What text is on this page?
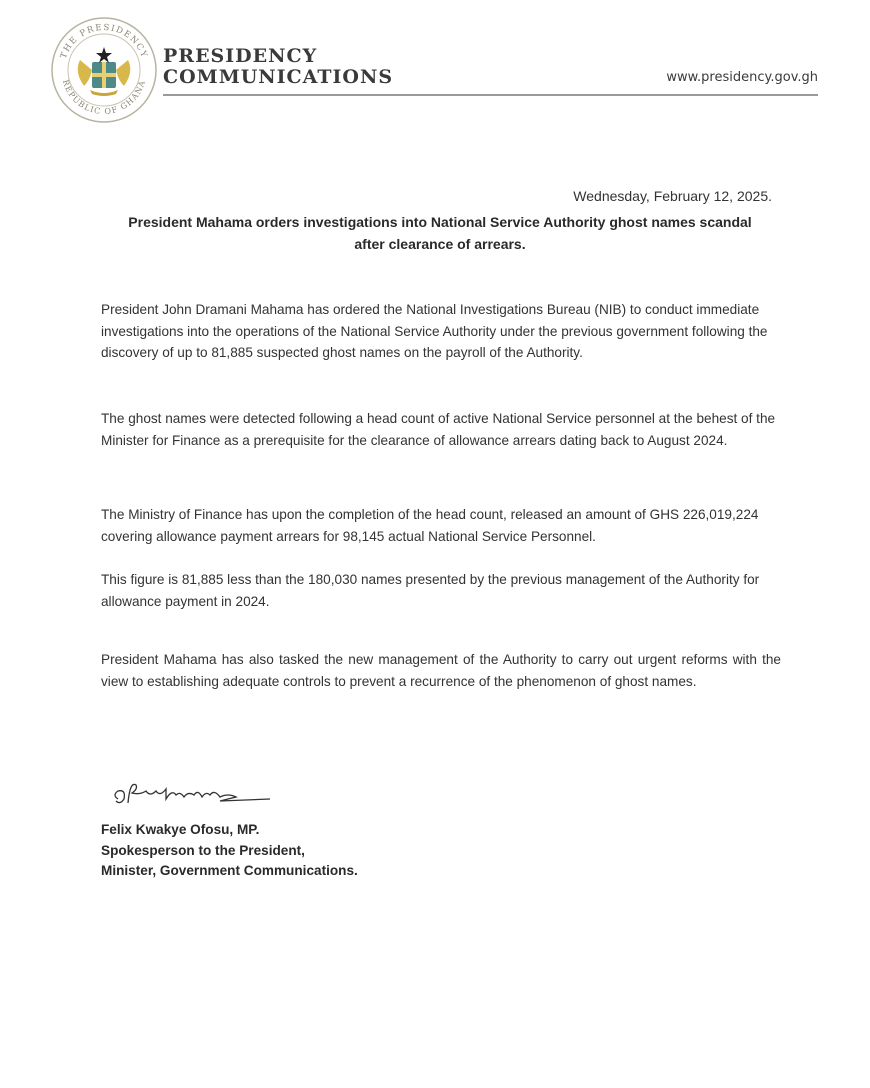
THE PRESIDENCY
REPUBLIC OF GHANA
PRESIDENCY
COMMUNICATIONS	www.presidency.gov.gh
Wednesday, February 12, 2025.
President Mahama orders investigations into National Service Authority ghost names scandal
after clearance of arrears.
President John Dramani Mahama has ordered the National Investigations Bureau (NIB) to conduct immediate investigations into the operations of the National Service Authority under the previous government following the discovery of up to 81,885 suspected ghost names on the payroll of the Authority.
The ghost names were detected following a head count of active National Service personnel at the behest of the Minister for Finance as a prerequisite for the clearance of allowance arrears dating back to August 2024.
The Ministry of Finance has upon the completion of the head count, released an amount of GHS 226,019,224 covering allowance payment arrears for 98,145 actual National Service Personnel.
This figure is 81,885 less than the 180,030 names presented by the previous management of the Authority for allowance payment in 2024.
President Mahama has also tasked the new management of the Authority to carry out urgent reforms with the view to establishing adequate controls to prevent a recurrence of the phenomenon of ghost names.
Felix Kwakye Ofosu, MP.
Spokesperson to the President,
Minister, Government Communications.
